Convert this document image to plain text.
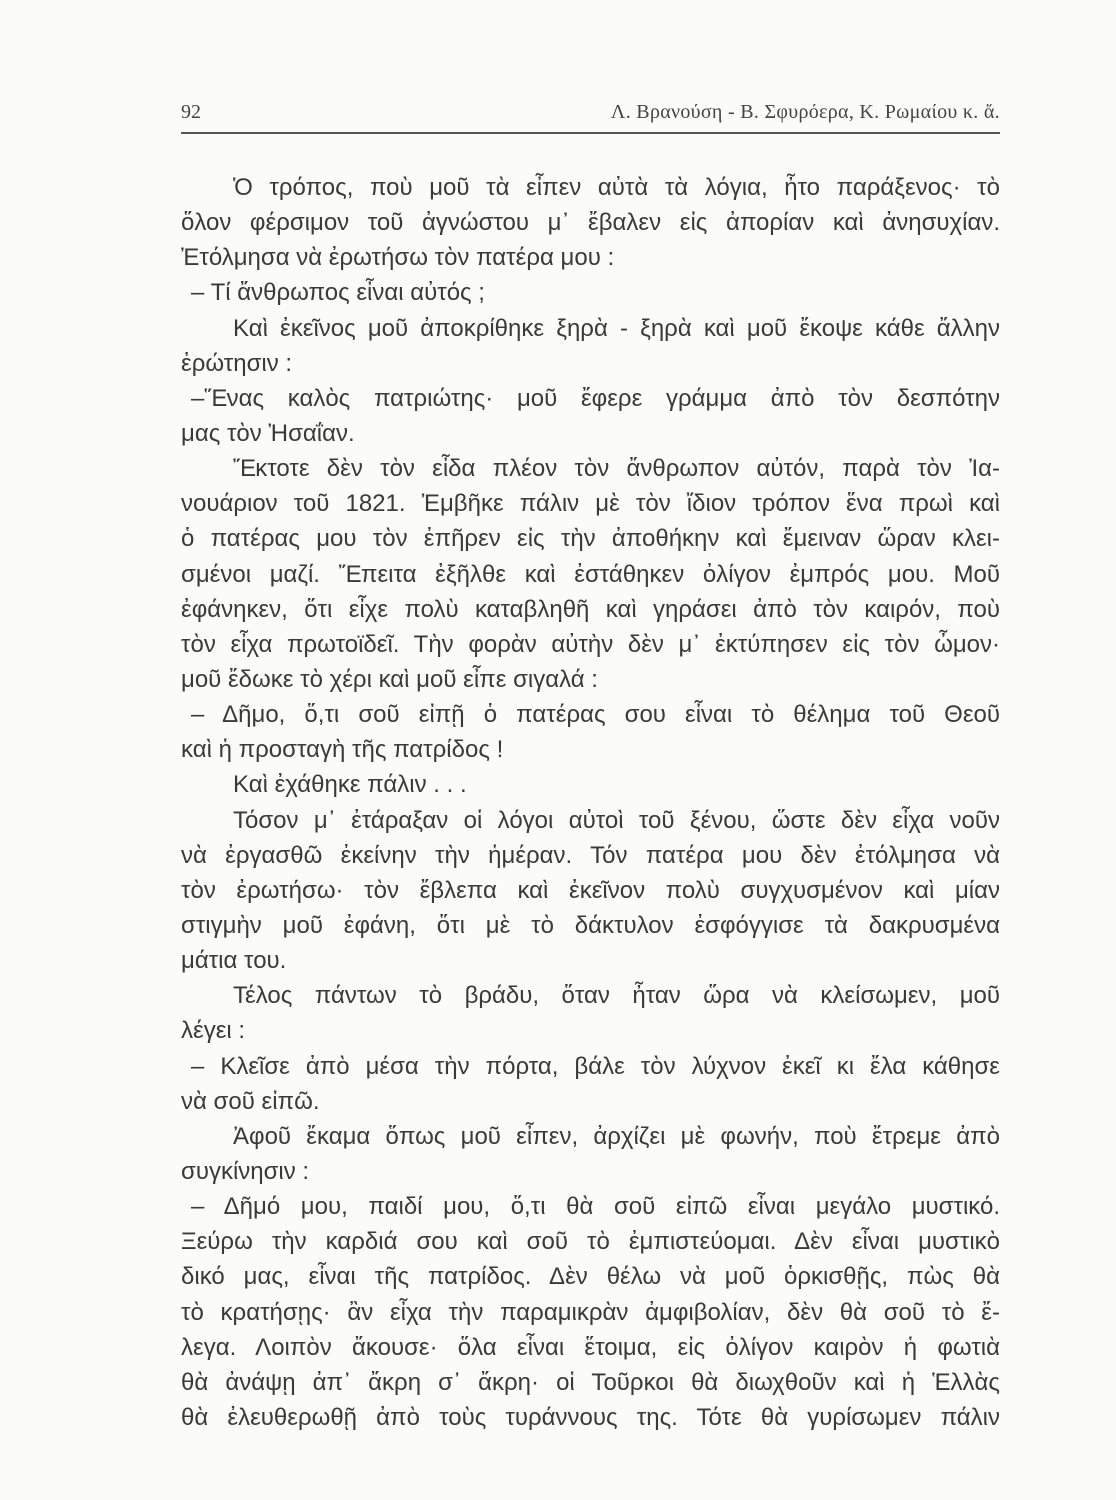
92	Λ. Βρανούση - Β. Σφυρόερα, Κ. Ρωμαίου κ. ἄ.
Ὁ τρόπος, ποὺ μοῦ τὰ εἶπεν αὐτὰ τὰ λόγια, ἦτο παράξενος· τὸ
ὅλον φέρσιμον τοῦ ἀγνώστου μ᾿ ἔβαλεν εἰς ἀπορίαν καὶ ἀνησυχίαν.
Ἐτόλμησα νὰ ἐρωτήσω τὸν πατέρα μου :
– Τί ἄνθρωπος εἶναι αὐτός ;
Καὶ ἐκεῖνος μοῦ ἀποκρίθηκε ξηρὰ - ξηρὰ καὶ μοῦ ἔκοψε κάθε ἄλλην
ἐρώτησιν :
–Ἕνας καλὸς πατριώτης· μοῦ ἔφερε γράμμα ἀπὸ τὸν δεσπότην
μας τὸν Ἠσαΐαν.
Ἔκτοτε δὲν τὸν εἶδα πλέον τὸν ἄνθρωπον αὐτόν, παρὰ τὸν Ἰα-
νουάριον τοῦ 1821. Ἐμβῆκε πάλιν μὲ τὸν ἴδιον τρόπον ἕνα πρωὶ καὶ
ὁ πατέρας μου τὸν ἐπῆρεν εἰς τὴν ἀποθήκην καὶ ἔμειναν ὥραν κλει-
σμένοι μαζί. Ἔπειτα ἐξῆλθε καὶ ἐστάθηκεν ὀλίγον ἐμπρός μου. Μοῦ
ἐφάνηκεν, ὅτι εἶχε πολὺ καταβληθῆ καὶ γηράσει ἀπὸ τὸν καιρόν, ποὺ
τὸν εἶχα πρωτοϊδεῖ. Τὴν φορὰν αὐτὴν δὲν μ᾿ ἐκτύπησεν εἰς τὸν ὦμον·
μοῦ ἔδωκε τὸ χέρι καὶ μοῦ εἶπε σιγαλά :
– Δῆμο, ὅ,τι σοῦ εἰπῇ ὁ πατέρας σου εἶναι τὸ θέλημα τοῦ Θεοῦ
καὶ ἡ προσταγὴ τῆς πατρίδος !
Καὶ ἐχάθηκε πάλιν . . .
Τόσον μ᾿ ἐτάραξαν οἱ λόγοι αὐτοὶ τοῦ ξένου, ὥστε δὲν εἶχα νοῦν
νὰ ἐργασθῶ ἐκείνην τὴν ἡμέραν. Τόν πατέρα μου δὲν ἐτόλμησα νὰ
τὸν ἐρωτήσω· τὸν ἔβλεπα καὶ ἐκεῖνον πολὺ συγχυσμένον καὶ μίαν
στιγμὴν μοῦ ἐφάνη, ὅτι μὲ τὸ δάκτυλον ἐσφόγγισε τὰ δακρυσμένα
μάτια του.
Τέλος πάντων τὸ βράδυ, ὅταν ἦταν ὥρα νὰ κλείσωμεν, μοῦ
λέγει :
– Κλεῖσε ἀπὸ μέσα τὴν πόρτα, βάλε τὸν λύχνον ἐκεῖ κι ἔλα κάθησε
νὰ σοῦ εἰπῶ.
Ἀφοῦ ἔκαμα ὅπως μοῦ εἶπεν, ἀρχίζει μὲ φωνήν, ποὺ ἔτρεμε ἀπὸ
συγκίνησιν :
– Δῆμό μου, παιδί μου, ὅ,τι θὰ σοῦ εἰπῶ εἶναι μεγάλο μυστικό.
Ξεύρω τὴν καρδιά σου καὶ σοῦ τὸ ἐμπιστεύομαι. Δὲν εἶναι μυστικὸ
δικό μας, εἶναι τῆς πατρίδος. Δὲν θέλω νὰ μοῦ ὁρκισθῇς, πὼς θὰ
τὸ κρατήσῃς· ἂν εἶχα τὴν παραμικρὰν ἀμφιβολίαν, δὲν θὰ σοῦ τὸ ἔ-
λεγα. Λοιπὸν ἄκουσε· ὅλα εἶναι ἕτοιμα, εἰς ὀλίγον καιρὸν ἡ φωτιὰ
θὰ ἀνάψῃ ἀπ᾿ ἄκρη σ᾿ ἄκρη· οἱ Τοῦρκοι θὰ διωχθοῦν καὶ ἡ Ἑλλὰς
θὰ ἐλευθερωθῇ ἀπὸ τοὺς τυράννους της. Τότε θὰ γυρίσωμεν πάλιν
